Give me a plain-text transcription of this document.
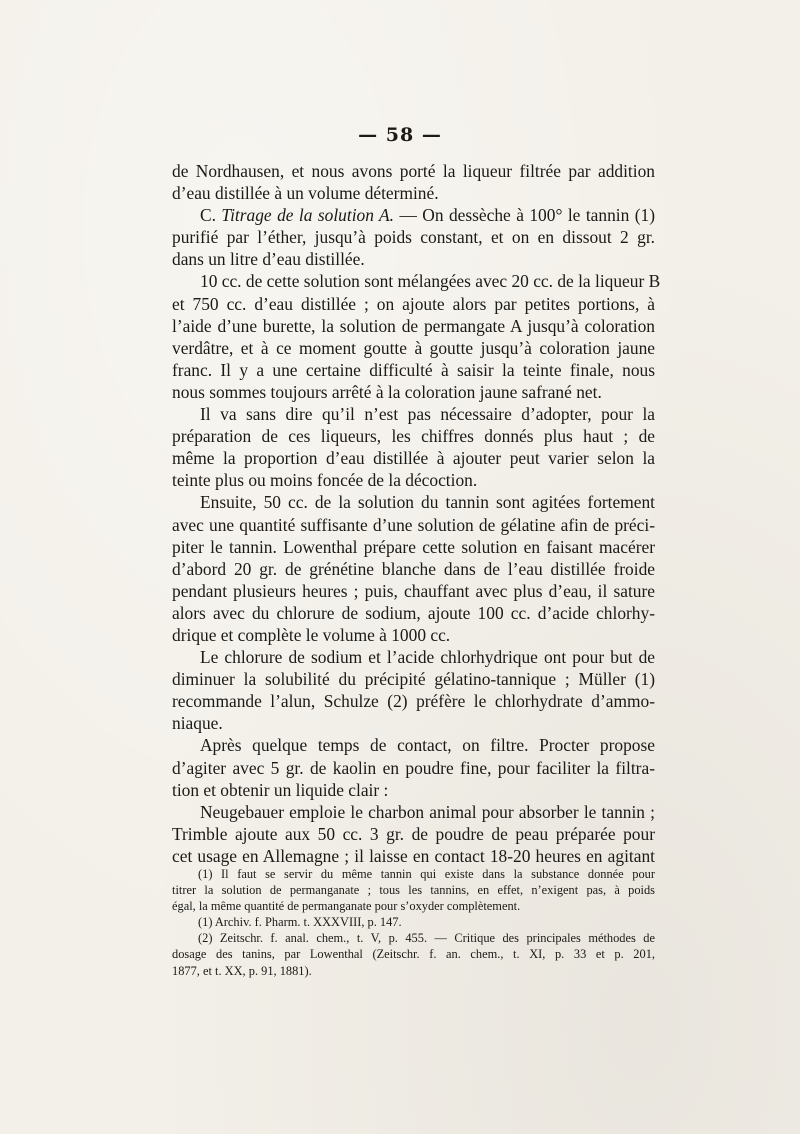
— 58 —
de Nordhausen, et nous avons porté la liqueur filtrée par addition
d’eau distillée à un volume déterminé.
C. Titrage de la solution A. — On dessèche à 100° le tannin (1)
purifié par l’éther, jusqu’à poids constant, et on en dissout 2 gr.
dans un litre d’eau distillée.
10 cc. de cette solution sont mélangées avec 20 cc. de la liqueur B
et 750 cc. d’eau distillée ; on ajoute alors par petites portions, à
l’aide d’une burette, la solution de permangate A jusqu’à coloration
verdâtre, et à ce moment goutte à goutte jusqu’à coloration jaune
franc. Il y a une certaine difficulté à saisir la teinte finale, nous
nous sommes toujours arrêté à la coloration jaune safrané net.
Il va sans dire qu’il n’est pas nécessaire d’adopter, pour la
préparation de ces liqueurs, les chiffres donnés plus haut ; de
même la proportion d’eau distillée à ajouter peut varier selon la
teinte plus ou moins foncée de la décoction.
Ensuite, 50 cc. de la solution du tannin sont agitées fortement
avec une quantité suffisante d’une solution de gélatine afin de préci-
piter le tannin. Lowenthal prépare cette solution en faisant macérer
d’abord 20 gr. de grénétine blanche dans de l’eau distillée froide
pendant plusieurs heures ; puis, chauffant avec plus d’eau, il sature
alors avec du chlorure de sodium, ajoute 100 cc. d’acide chlorhy-
drique et complète le volume à 1000 cc.
Le chlorure de sodium et l’acide chlorhydrique ont pour but de
diminuer la solubilité du précipité gélatino-tannique ; Müller (1)
recommande l’alun, Schulze (2) préfère le chlorhydrate d’ammo-
niaque.
Après quelque temps de contact, on filtre. Procter propose
d’agiter avec 5 gr. de kaolin en poudre fine, pour faciliter la filtra-
tion et obtenir un liquide clair :
Neugebauer emploie le charbon animal pour absorber le tannin ;
Trimble ajoute aux 50 cc. 3 gr. de poudre de peau préparée pour
cet usage en Allemagne ; il laisse en contact 18-20 heures en agitant
(1) Il faut se servir du même tannin qui existe dans la substance donnée pour
titrer la solution de permanganate ; tous les tannins, en effet, n’exigent pas, à poids
égal, la même quantité de permanganate pour s’oxyder complètement.
(1) Archiv. f. Pharm. t. XXXVIII, p. 147.
(2) Zeitschr. f. anal. chem., t. V, p. 455. — Critique des principales méthodes de
dosage des tanins, par Lowenthal (Zeitschr. f. an. chem., t. XI, p. 33 et p. 201,
1877, et t. XX, p. 91, 1881).
